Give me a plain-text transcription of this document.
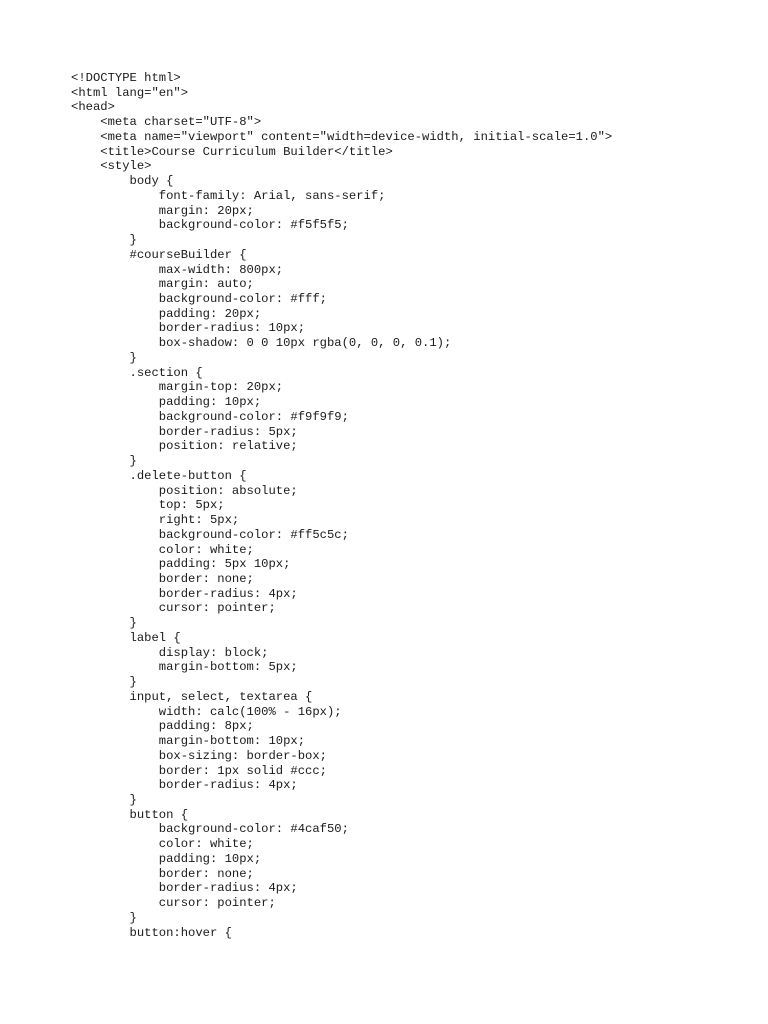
<!DOCTYPE html>
<html lang="en">
<head>
<meta charset="UTF-8">
<meta name="viewport" content="width=device-width, initial-scale=1.0">
<title>Course Curriculum Builder</title>
<style>
body {
font-family: Arial, sans-serif;
margin: 20px;
background-color: #f5f5f5;
}
#courseBuilder {
max-width: 800px;
margin: auto;
background-color: #fff;
padding: 20px;
border-radius: 10px;
box-shadow: 0 0 10px rgba(0, 0, 0, 0.1);
}
.section {
margin-top: 20px;
padding: 10px;
background-color: #f9f9f9;
border-radius: 5px;
position: relative;
}
.delete-button {
position: absolute;
top: 5px;
right: 5px;
background-color: #ff5c5c;
color: white;
padding: 5px 10px;
border: none;
border-radius: 4px;
cursor: pointer;
}
label {
display: block;
margin-bottom: 5px;
}
input, select, textarea {
width: calc(100% - 16px);
padding: 8px;
margin-bottom: 10px;
box-sizing: border-box;
border: 1px solid #ccc;
border-radius: 4px;
}
button {
background-color: #4caf50;
color: white;
padding: 10px;
border: none;
border-radius: 4px;
cursor: pointer;
}
button:hover {
